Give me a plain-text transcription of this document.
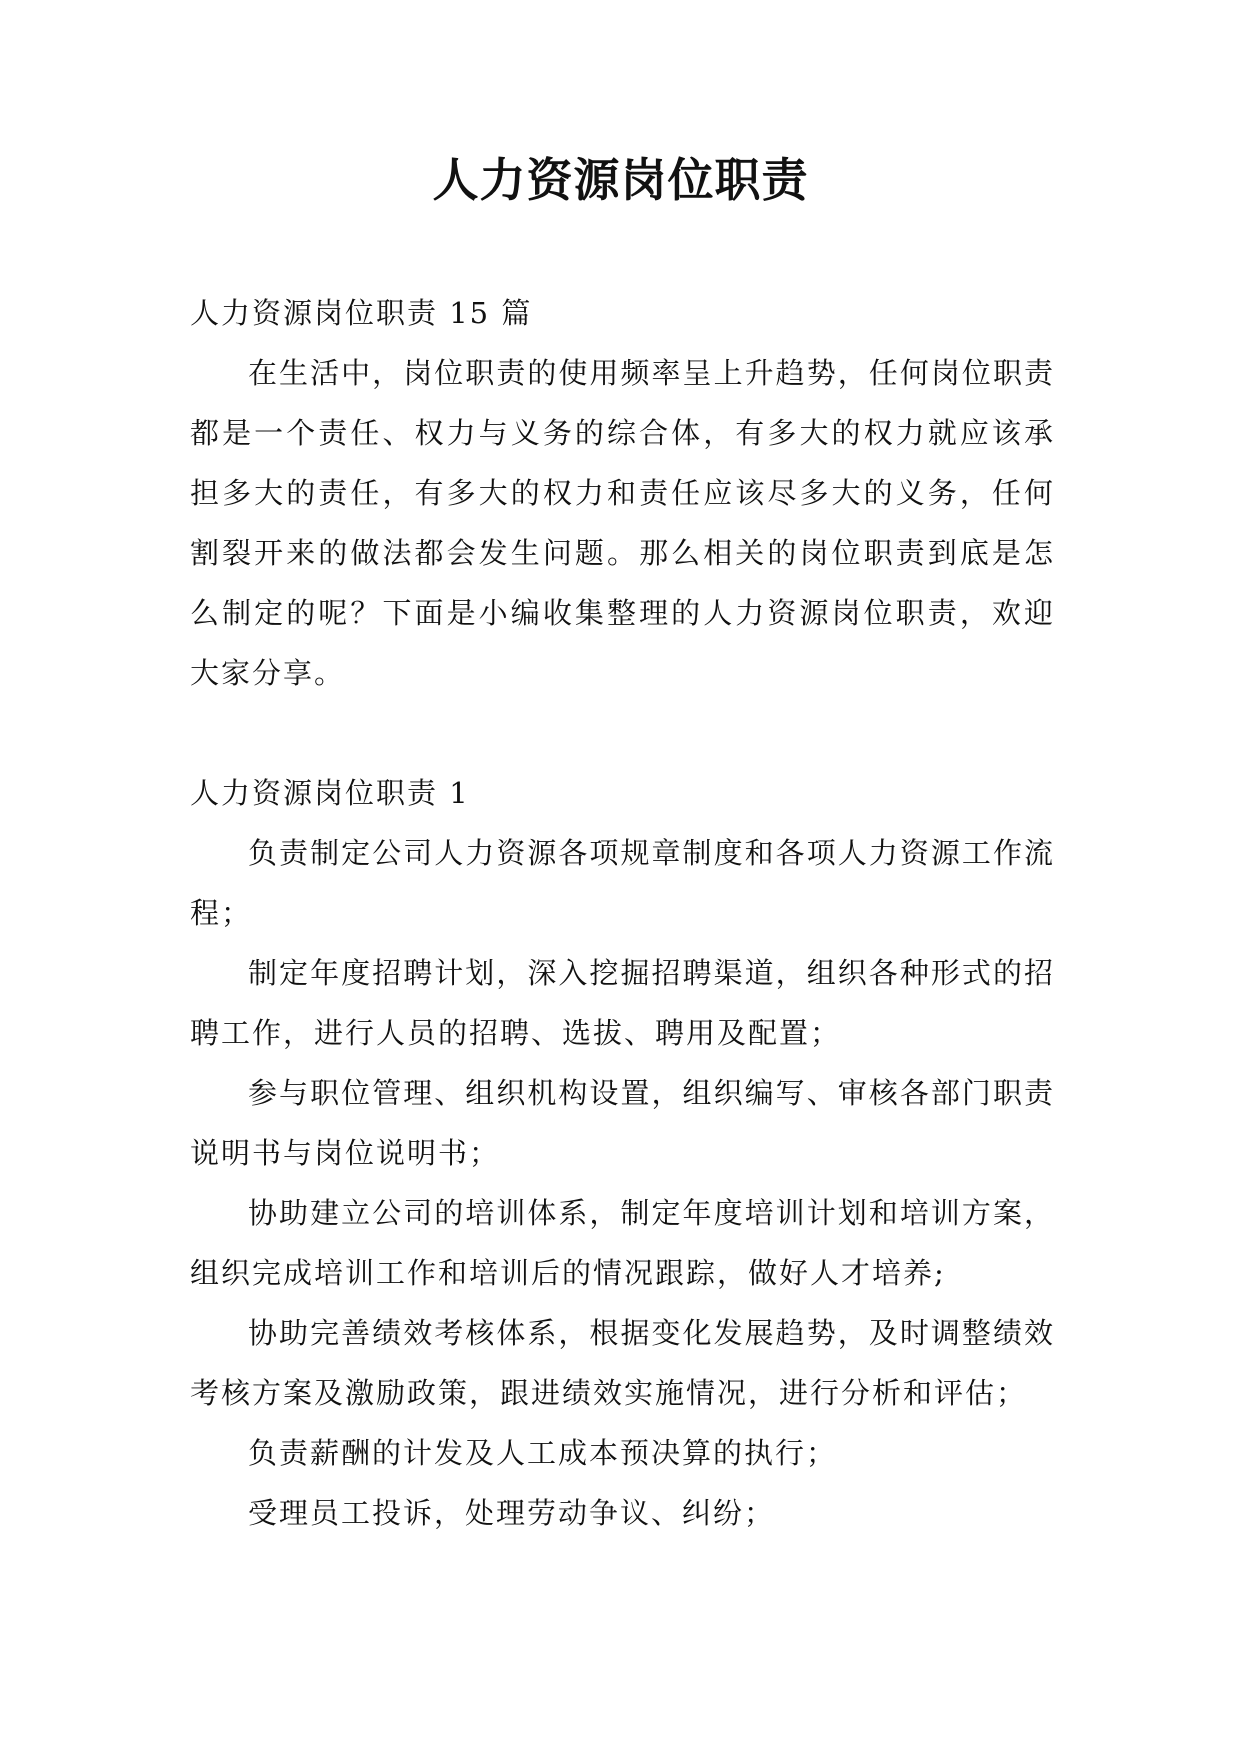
人力资源岗位职责

人力资源岗位职责 15 篇

在生活中，岗位职责的使用频率呈上升趋势，任何岗位职责都是一个责任、权力与义务的综合体，有多大的权力就应该承担多大的责任，有多大的权力和责任应该尽多大的义务，任何割裂开来的做法都会发生问题。那么相关的岗位职责到底是怎么制定的呢？下面是小编收集整理的人力资源岗位职责，欢迎大家分享。

人力资源岗位职责 1

负责制定公司人力资源各项规章制度和各项人力资源工作流程；

制定年度招聘计划，深入挖掘招聘渠道，组织各种形式的招聘工作，进行人员的招聘、选拔、聘用及配置；

参与职位管理、组织机构设置，组织编写、审核各部门职责说明书与岗位说明书；

协助建立公司的培训体系，制定年度培训计划和培训方案，组织完成培训工作和培训后的情况跟踪，做好人才培养;

协助完善绩效考核体系，根据变化发展趋势，及时调整绩效考核方案及激励政策，跟进绩效实施情况，进行分析和评估；

负责薪酬的计发及人工成本预决算的执行；

受理员工投诉，处理劳动争议、纠纷；
